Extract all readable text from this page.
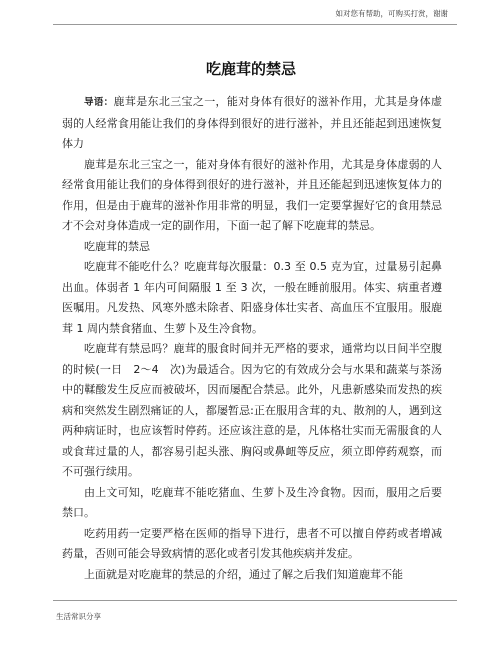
如对您有帮助，可购买打赏，谢谢
吃鹿茸的禁忌

导语：鹿茸是东北三宝之一，能对身体有很好的滋补作用，尤其是身体虚弱的人经常食用能让我们的身体得到很好的进行滋补，并且还能起到迅速恢复体力

鹿茸是东北三宝之一，能对身体有很好的滋补作用，尤其是身体虚弱的人经常食用能让我们的身体得到很好的进行滋补，并且还能起到迅速恢复体力的作用，但是由于鹿茸的滋补作用非常的明显，我们一定要掌握好它的食用禁忌才不会对身体造成一定的副作用，下面一起了解下吃鹿茸的禁忌。

吃鹿茸的禁忌

吃鹿茸不能吃什么？吃鹿茸每次服量：0.3 至 0.5 克为宜，过量易引起鼻出血。体弱者 1 年内可间隔服 1 至 3 次，一般在睡前服用。体实、病重者遵医嘱用。凡发热、风寒外感未除者、阳盛身体壮实者、高血压不宜服用。服鹿茸 1 周内禁食猪血、生萝卜及生冷食物。

吃鹿茸有禁忌吗？鹿茸的服食时间并无严格的要求，通常均以日间半空腹的时候(一日　2～4　次)为最适合。因为它的有效成分会与水果和蔬菜与茶汤中的鞣酸发生反应而被破坏，因而屡配合禁忌。此外，凡患新感染而发热的疾病和突然发生剧烈痛证的人，都屡暂忌:正在服用含茸的丸、散剂的人，遇到这两种病证时，也应该暂时停药。还应该注意的是，凡体格壮实而无需服食的人或食茸过量的人，都容易引起头涨、胸闷或鼻衄等反应，须立即停药观察，而不可强行续用。

由上文可知，吃鹿茸不能吃猪血、生萝卜及生冷食物。因而，服用之后要禁口。

吃药用药一定要严格在医师的指导下进行，患者不可以擅自停药或者增减药量，否则可能会导致病情的恶化或者引发其他疾病并发症。

上面就是对吃鹿茸的禁忌的介绍，通过了解之后我们知道鹿茸不能

生活常识分享
